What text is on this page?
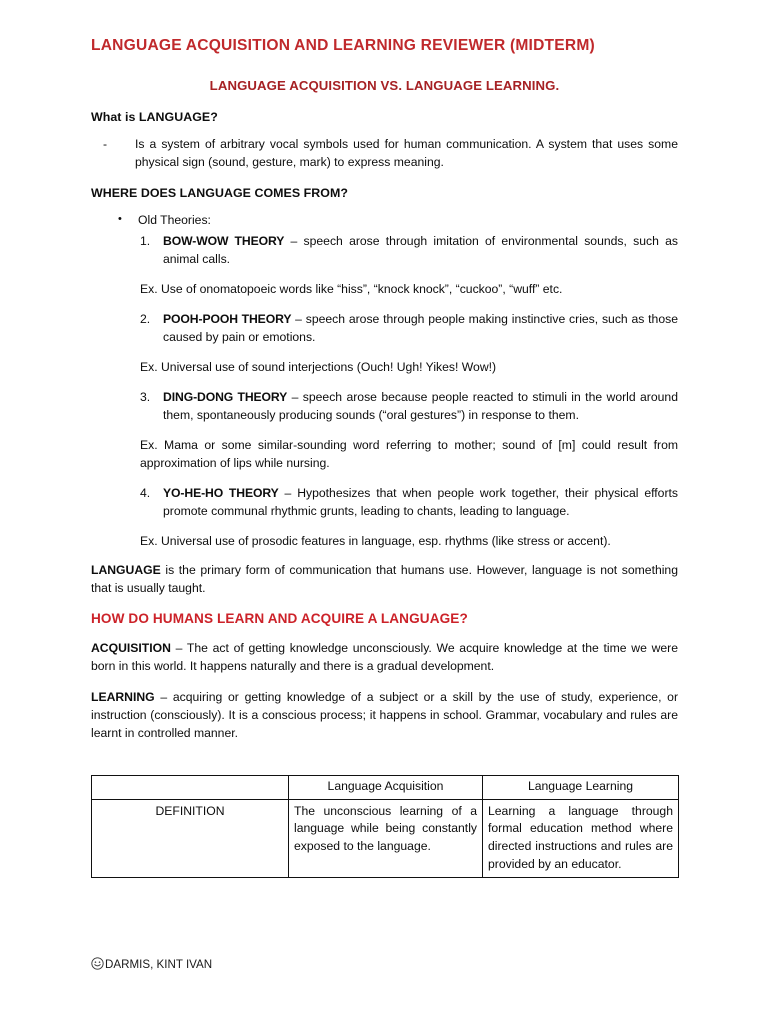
LANGUAGE ACQUISITION AND LEARNING REVIEWER (MIDTERM)
LANGUAGE ACQUISITION VS. LANGUAGE LEARNING.
What is LANGUAGE?
- Is a system of arbitrary vocal symbols used for human communication. A system that uses some physical sign (sound, gesture, mark) to express meaning.
WHERE DOES LANGUAGE COMES FROM?
• Old Theories:
1.	BOW-WOW THEORY – speech arose through imitation of environmental sounds, such as animal calls.
Ex. Use of onomatopoeic words like “hiss”, “knock knock”, “cuckoo”, “wuff” etc.
2.	POOH-POOH THEORY – speech arose through people making instinctive cries, such as those caused by pain or emotions.
Ex. Universal use of sound interjections (Ouch! Ugh! Yikes! Wow!)
3.	DING-DONG THEORY – speech arose because people reacted to stimuli in the world around them, spontaneously producing sounds (“oral gestures”) in response to them.
Ex. Mama or some similar-sounding word referring to mother; sound of [m] could result from approximation of lips while nursing.
4.	YO-HE-HO THEORY – Hypothesizes that when people work together, their physical efforts promote communal rhythmic grunts, leading to chants, leading to language.
Ex. Universal use of prosodic features in language, esp. rhythms (like stress or accent).
LANGUAGE is the primary form of communication that humans use. However, language is not something that is usually taught.
HOW DO HUMANS LEARN AND ACQUIRE A LANGUAGE?
ACQUISITION – The act of getting knowledge unconsciously. We acquire knowledge at the time we were born in this world. It happens naturally and there is a gradual development.
LEARNING – acquiring or getting knowledge of a subject or a skill by the use of study, experience, or instruction (consciously). It is a conscious process; it happens in school. Grammar, vocabulary and rules are learnt in controlled manner.
	Language Acquisition	Language Learning
DEFINITION	The unconscious learning of a language while being constantly exposed to the language.	Learning a language through formal education method where directed instructions and rules are provided by an educator.
DARMIS, KINT IVAN
